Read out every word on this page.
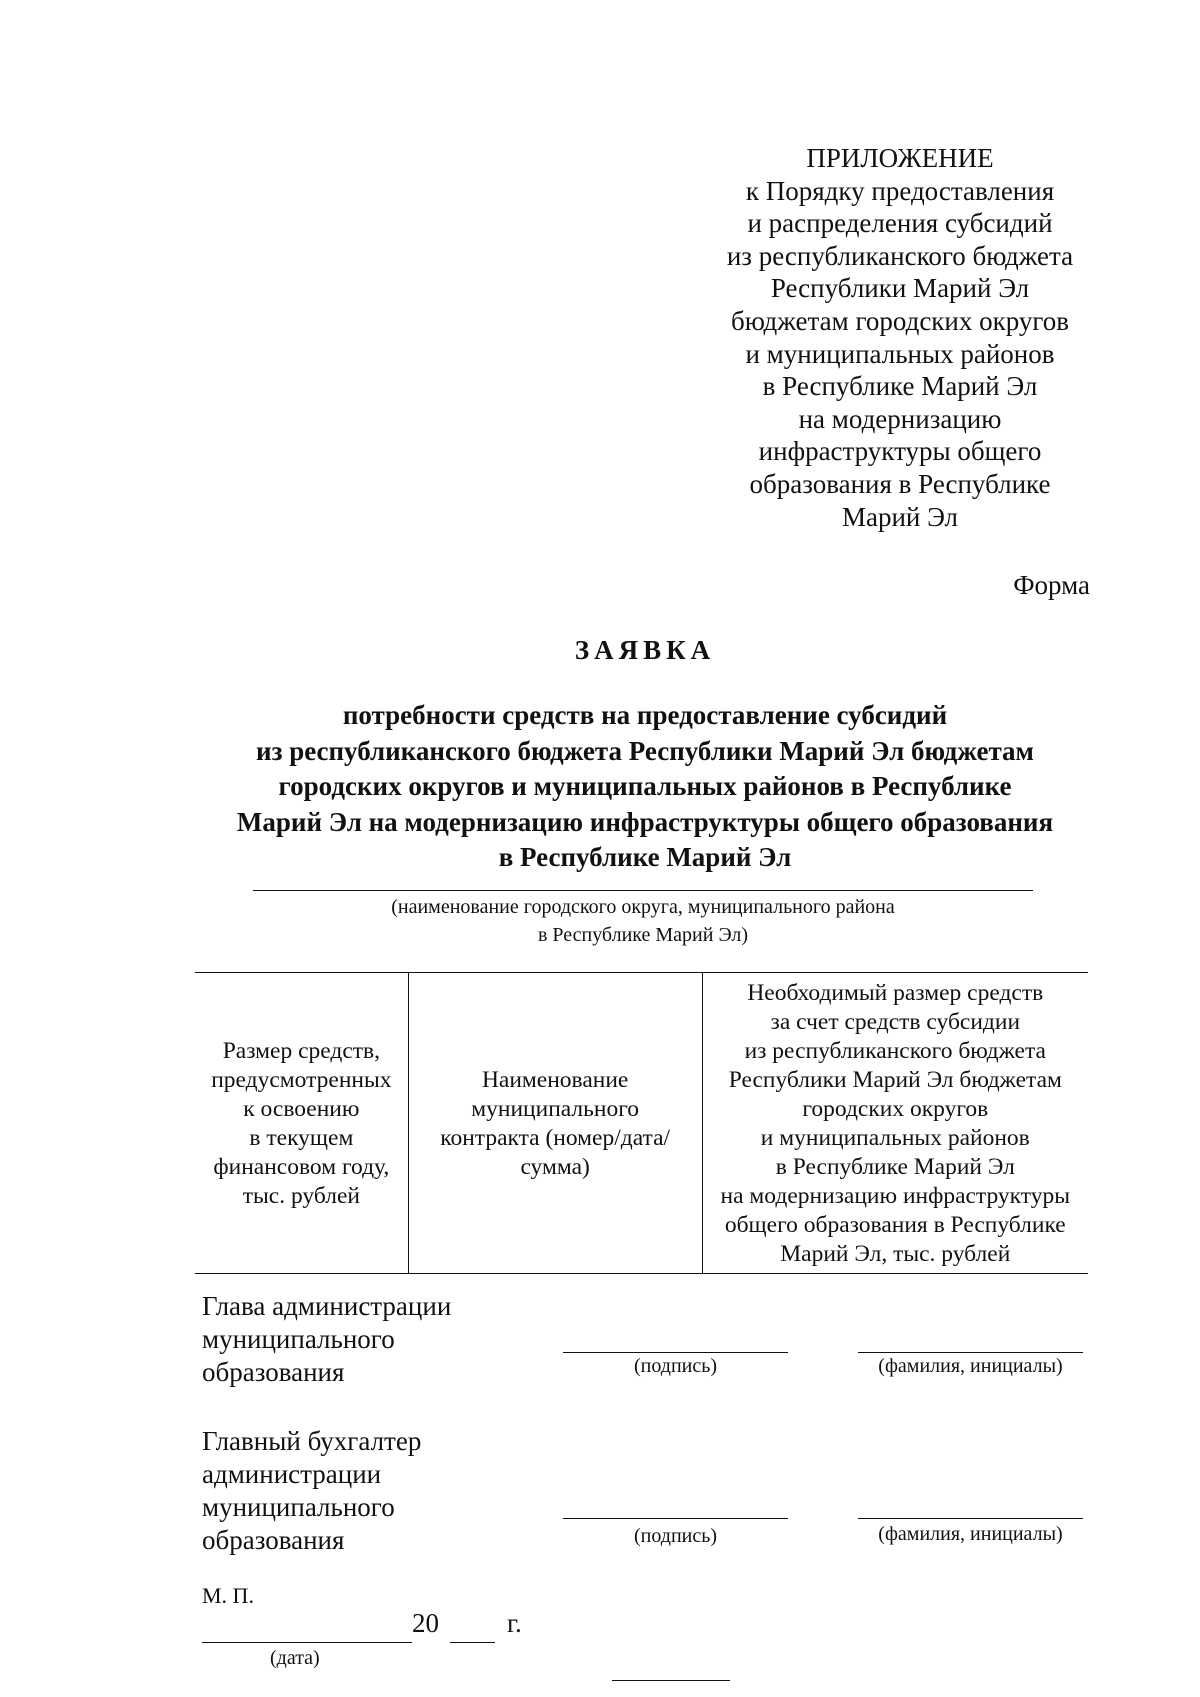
ПРИЛОЖЕНИЕ
к Порядку предоставления
и распределения субсидий
из республиканского бюджета
Республики Марий Эл
бюджетам городских округов
и муниципальных районов
в Республике Марий Эл
на модернизацию
инфраструктуры общего
образования в Республике
Марий Эл
Форма
ЗАЯВКА
потребности средств на предоставление субсидий
из республиканского бюджета Республики Марий Эл бюджетам
городских округов и муниципальных районов в Республике
Марий Эл на модернизацию инфраструктуры общего образования
в Республике Марий Эл
(наименование городского округа, муниципального района
в Республике Марий Эл)
Размер средств,
предусмотренных
к освоению
в текущем
финансовом году,
тыс. рублей

Наименование
муниципального
контракта (номер/дата/
сумма)

Необходимый размер средств
за счет средств субсидии
из республиканского бюджета
Республики Марий Эл бюджетам
городских округов
и муниципальных районов
в Республике Марий Эл
на модернизацию инфраструктуры
общего образования в Республике
Марий Эл, тыс. рублей
Глава администрации
муниципального
образования	(подпись)	(фамилия, инициалы)
Главный бухгалтер
администрации
муниципального
образования	(подпись)	(фамилия, инициалы)
М. П.
20	г.
(дата)
